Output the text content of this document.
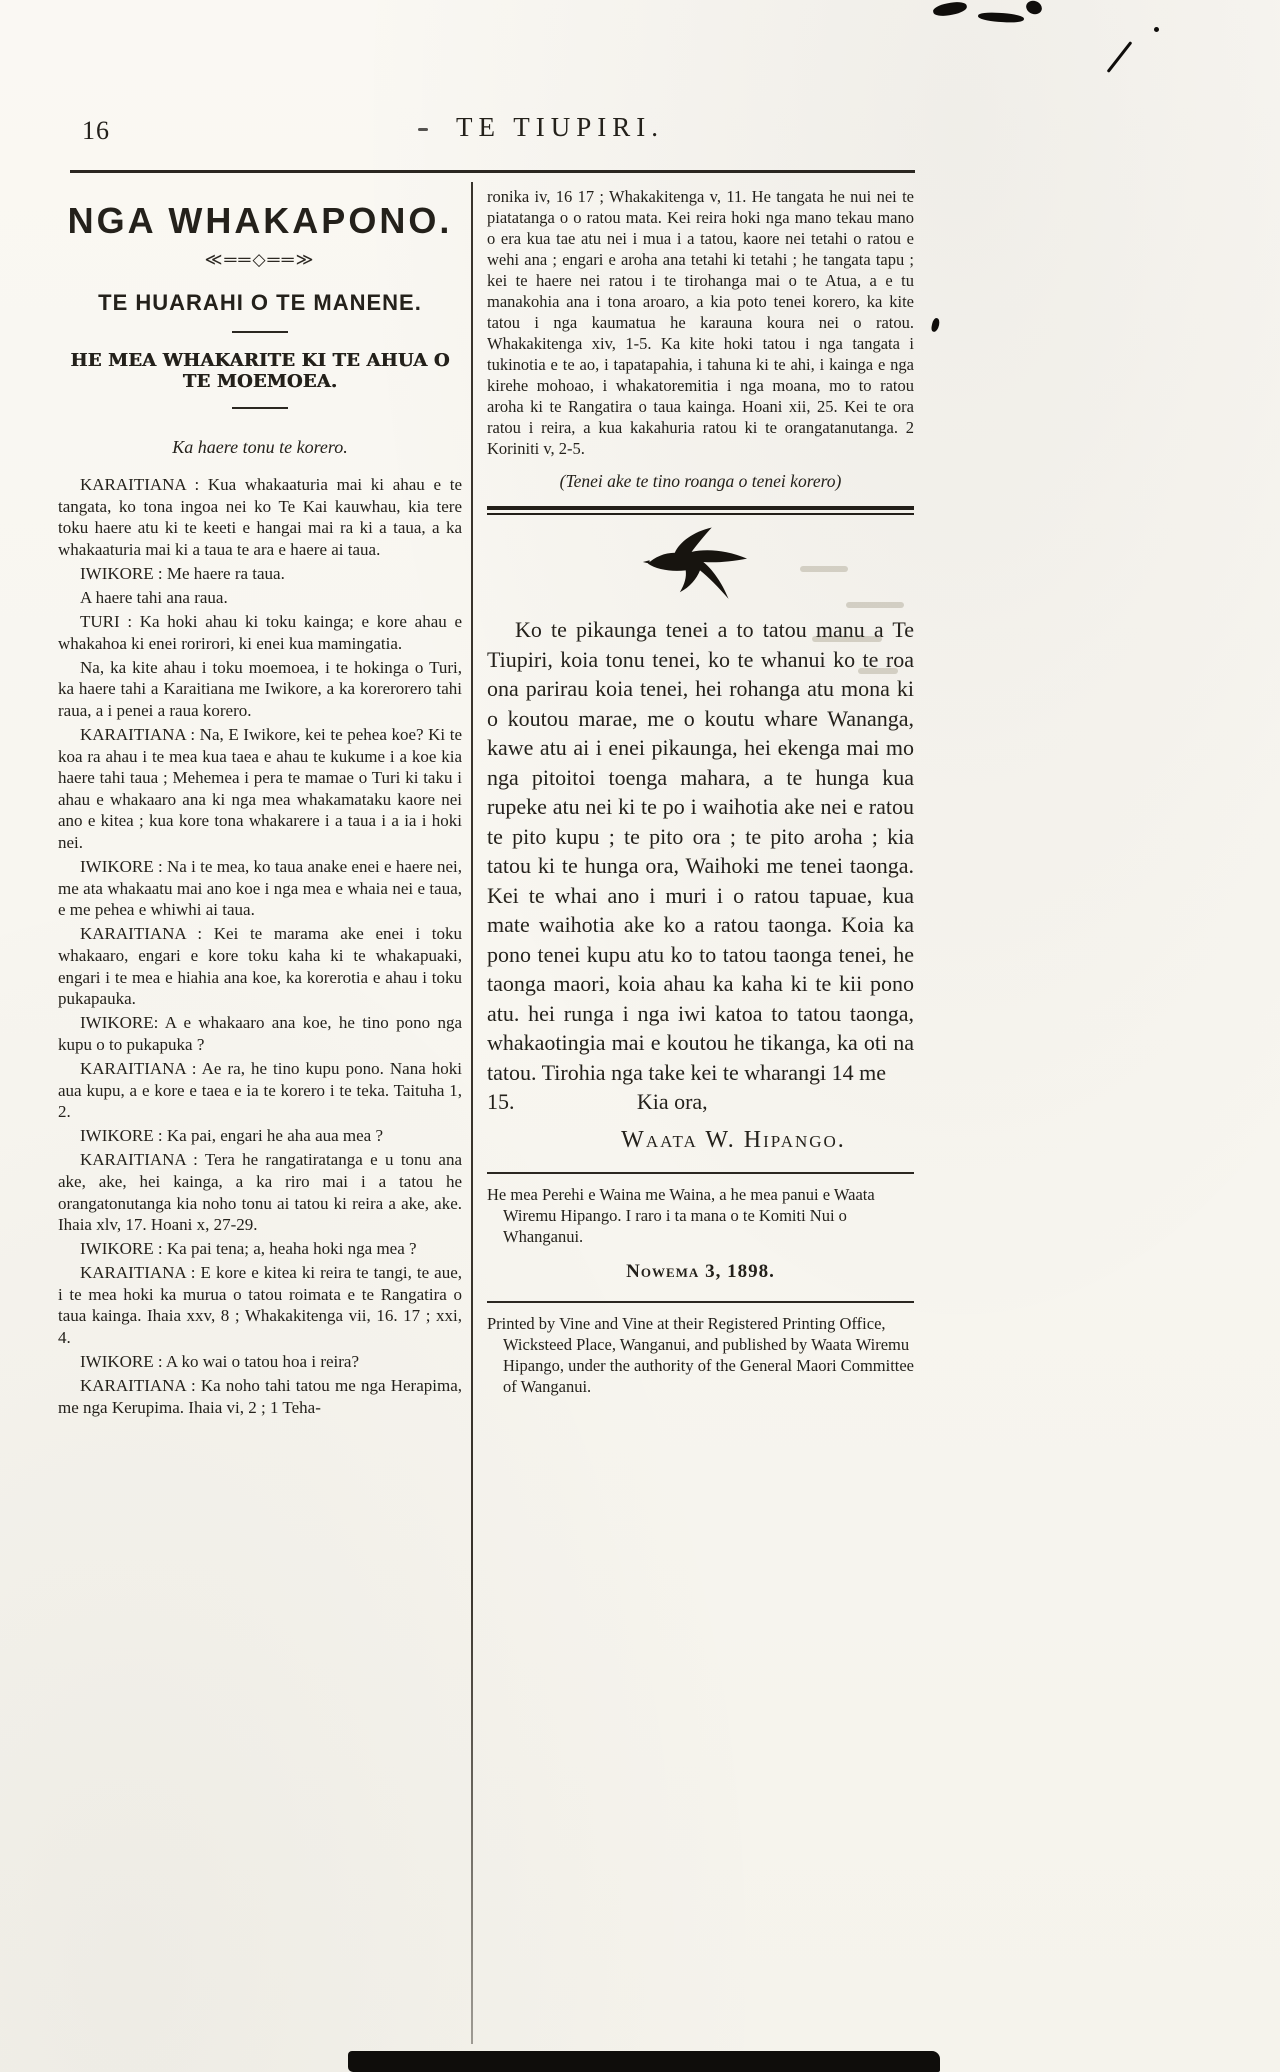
16	TE TIUPIRI.
NGA WHAKAPONO.
≪══◇══≫
TE HUARAHI O TE MANENE.
HE MEA WHAKARITE KI TE AHUA O TE MOEMOEA.
Ka haere tonu te korero.

KARAITIANA : Kua whakaaturia mai ki ahau e te tangata, ko tona ingoa nei ko Te Kai kauwhau, kia tere toku haere atu ki te keeti e hangai mai ra ki a taua, a ka whakaaturia mai ki a taua te ara e haere ai taua.

IWIKORE : Me haere ra taua.

A haere tahi ana raua.

TURI : Ka hoki ahau ki toku kainga; e kore ahau e whakahoa ki enei rorirori, ki enei kua mamingatia.

Na, ka kite ahau i toku moemoea, i te hokinga o Turi, ka haere tahi a Karaitiana me Iwikore, a ka korerorero tahi raua, a i penei a raua korero.

KARAITIANA : Na, E Iwikore, kei te pehea koe? Ki te koa ra ahau i te mea kua taea e ahau te kukume i a koe kia haere tahi taua ; Mehemea i pera te mamae o Turi ki taku i ahau e whakaaro ana ki nga mea whakamataku kaore nei ano e kitea ; kua kore tona whakarere i a taua i a ia i hoki nei.

IWIKORE : Na i te mea, ko taua anake enei e haere nei, me ata whakaatu mai ano koe i nga mea e whaia nei e taua, e me pehea e whiwhi ai taua.

KARAITIANA : Kei te marama ake enei i toku whakaaro, engari e kore toku kaha ki te whakapuaki, engari i te mea e hiahia ana koe, ka korerotia e ahau i toku pukapauka.

IWIKORE: A e whakaaro ana koe, he tino pono nga kupu o to pukapuka ?

KARAITIANA : Ae ra, he tino kupu pono. Nana hoki aua kupu, a e kore e taea e ia te korero i te teka. Taituha 1, 2.

IWIKORE : Ka pai, engari he aha aua mea ?

KARAITIANA : Tera he rangatiratanga e u tonu ana ake, ake, hei kainga, a ka riro mai i a tatou he orangatonutanga kia noho tonu ai tatou ki reira a ake, ake. Ihaia xlv, 17. Hoani x, 27-29.

IWIKORE : Ka pai tena; a, heaha hoki nga mea ?

KARAITIANA : E kore e kitea ki reira te tangi, te aue, i te mea hoki ka murua o tatou roimata e te Rangatira o taua kainga. Ihaia xxv, 8 ; Whakakitenga vii, 16. 17 ; xxi, 4.

IWIKORE : A ko wai o tatou hoa i reira?

KARAITIANA : Ka noho tahi tatou me nga Herapima, me nga Kerupima. Ihaia vi, 2 ; 1 Teha-

ronika iv, 16 17 ; Whakakitenga v, 11. He tangata he nui nei te piatatanga o o ratou mata. Kei reira hoki nga mano tekau mano o era kua tae atu nei i mua i a tatou, kaore nei tetahi o ratou e wehi ana ; engari e aroha ana tetahi ki tetahi ; he tangata tapu ; kei te haere nei ratou i te tirohanga mai o te Atua, a e tu manakohia ana i tona aroaro, a kia poto tenei korero, ka kite tatou i nga kaumatua he karauna koura nei o ratou. Whakakitenga xiv, 1-5. Ka kite hoki tatou i nga tangata i tukinotia e te ao, i tapatapahia, i tahuna ki te ahi, i kainga e nga kirehe mohoao, i whakatoremitia i nga moana, mo to ratou aroha ki te Rangatira o taua kainga. Hoani xii, 25. Kei te ora ratou i reira, a kua kakahuria ratou ki te orangatanutanga. 2 Koriniti v, 2-5.

(Tenei ake te tino roanga o tenei korero)

Ko te pikaunga tenei a to tatou manu a Te Tiupiri, koia tonu tenei, ko te whanui ko te roa ona parirau koia tenei, hei rohanga atu mona ki o koutou marae, me o koutu whare Wananga, kawe atu ai i enei pikaunga, hei ekenga mai mo nga pitoitoi toenga mahara, a te hunga kua rupeke atu nei ki te po i waihotia ake nei e ratou te pito kupu ; te pito ora ; te pito aroha ; kia tatou ki te hunga ora, Waihoki me tenei taonga. Kei te whai ano i muri i o ratou tapuae, kua mate waihotia ake ko a ratou taonga. Koia ka pono tenei kupu atu ko to tatou taonga tenei, he taonga maori, koia ahau ka kaha ki te kii pono atu. hei runga i nga iwi katoa to tatou taonga, whakaotingia mai e koutou he tikanga, ka oti na tatou. Tirohia nga take kei te wharangi 14 me

15.	Kia ora,
Waata W. Hipango.

He mea Perehi e Waina me Waina, a he mea panui e Waata Wiremu Hipango. I raro i ta mana o te Komiti Nui o Whanganui.

Nowema 3, 1898.

Printed by Vine and Vine at their Registered Printing Office, Wicksteed Place, Wanganui, and published by Waata Wiremu Hipango, under the authority of the General Maori Committee of Wanganui.
